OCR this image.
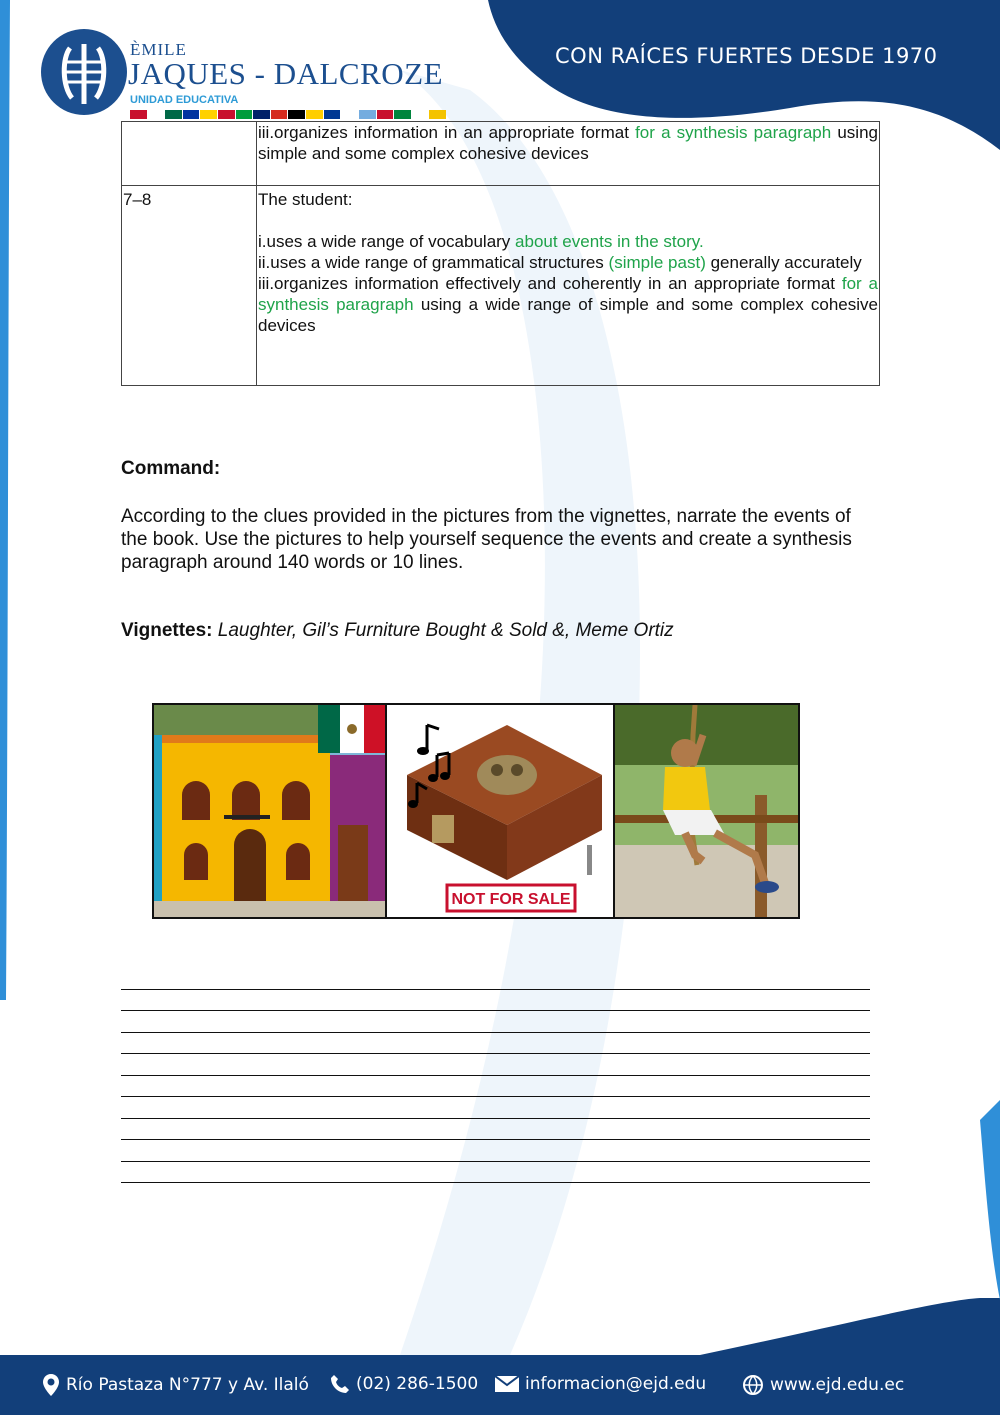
ÈMILE
JAQUES - DALCROZE
UNIDAD EDUCATIVA
CON RAÍCES FUERTES DESDE 1970

	iii.organizes information in an appropriate format for a synthesis paragraph using simple and some complex cohesive devices

7–8	The student:
i.uses a wide range of vocabulary about events in the story.
ii.uses a wide range of grammatical structures (simple past) generally accurately
iii.organizes information effectively and coherently in an appropriate format for a synthesis paragraph using a wide range of simple and some complex cohesive devices
Command:
According to the clues provided in the pictures from the vignettes, narrate the events of the book. Use the pictures to help yourself sequence the events and create a synthesis paragraph around 140 words or 10 lines.
Vignettes: Laughter, Gil’s Furniture Bought & Sold &, Meme Ortiz
NOT FOR SALE
Río Pastaza N°777 y Av. Ilaló	(02) 286-1500	informacion@ejd.edu	www.ejd.edu.ec
